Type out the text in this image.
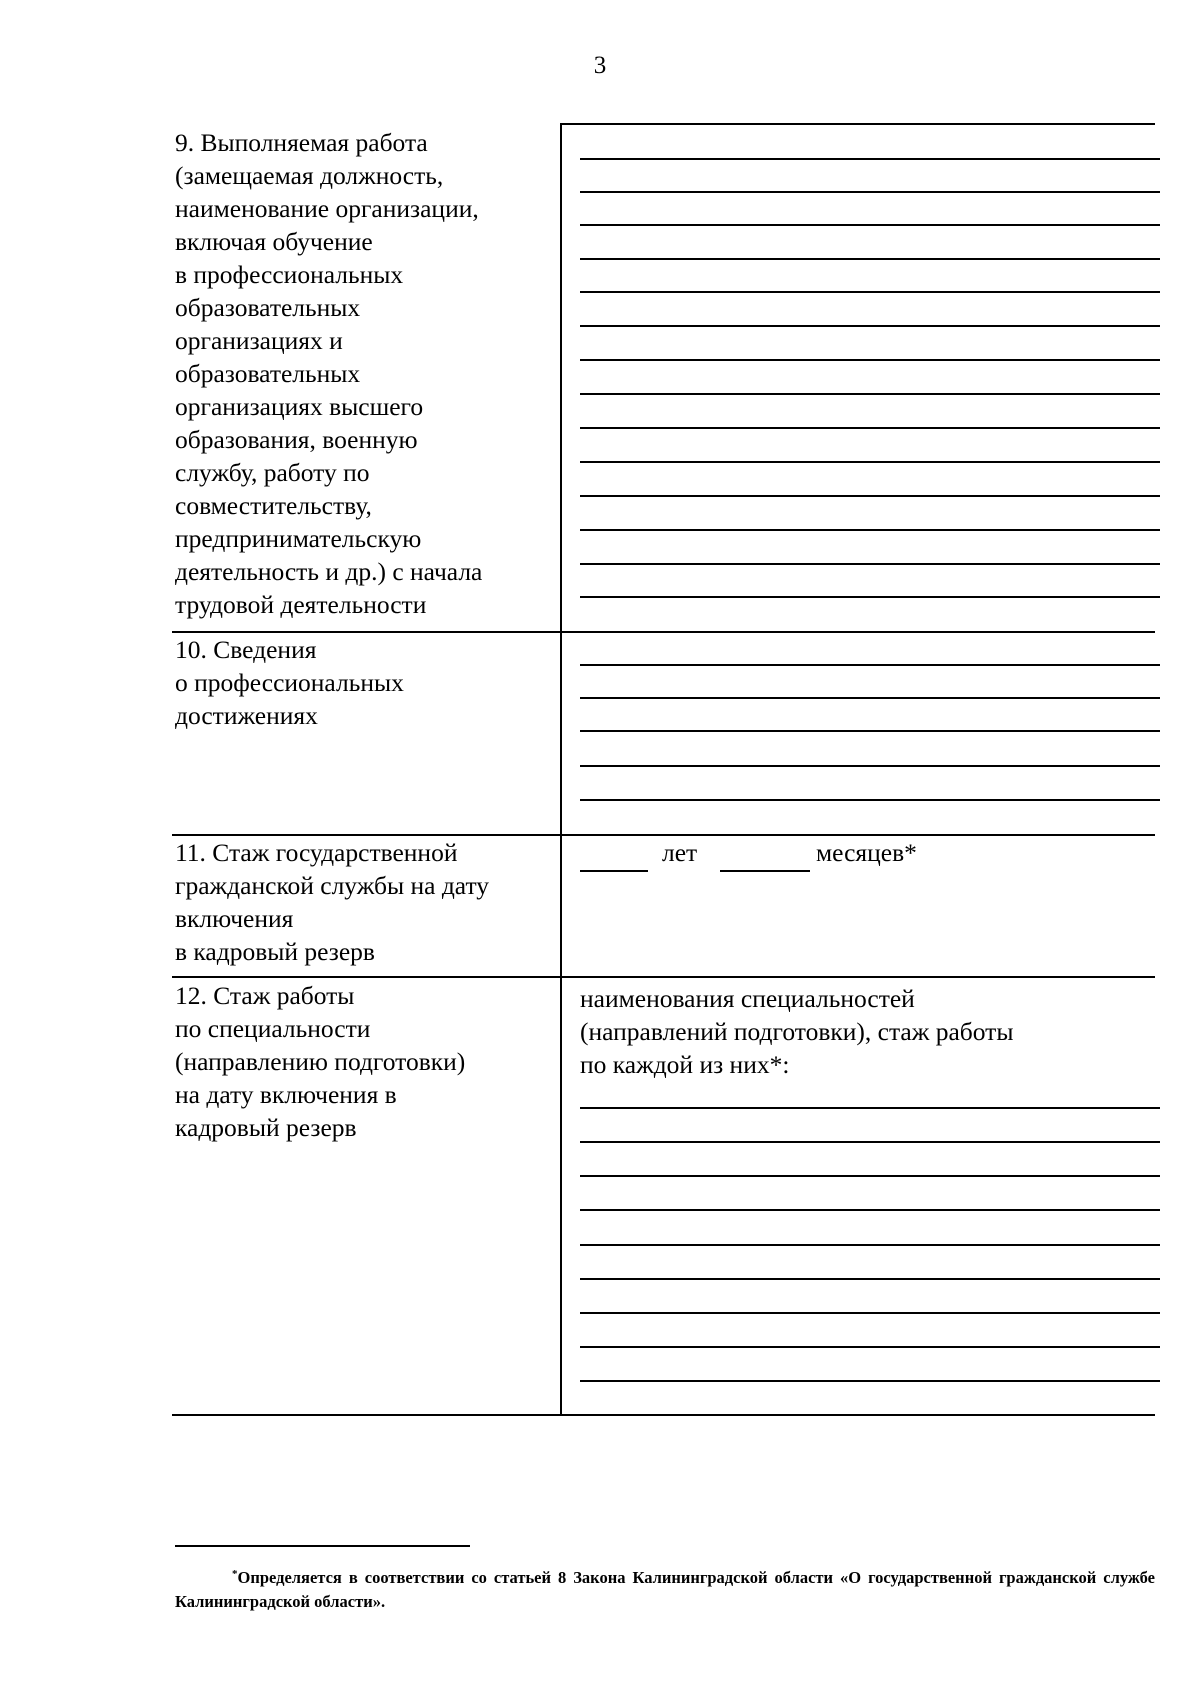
3
9. Выполняемая работа
(замещаемая должность,
наименование организации,
включая обучение
в профессиональных
образовательных
организациях и
образовательных
организациях высшего
образования, военную
службу, работу по
совместительству,
предпринимательскую
деятельность и др.) с начала
трудовой деятельности
10. Сведения
о профессиональных
достижениях
11. Стаж государственной
гражданской службы на дату
включения
в кадровый резерв
лет	месяцев*
12. Стаж работы
по специальности
(направлению подготовки)
на дату включения в
кадровый резерв
наименования специальностей
(направлений подготовки), стаж работы
по каждой из них*:
*Определяется в соответствии со статьей 8 Закона Калининградской области «О государственной гражданской службе Калининградской области».
